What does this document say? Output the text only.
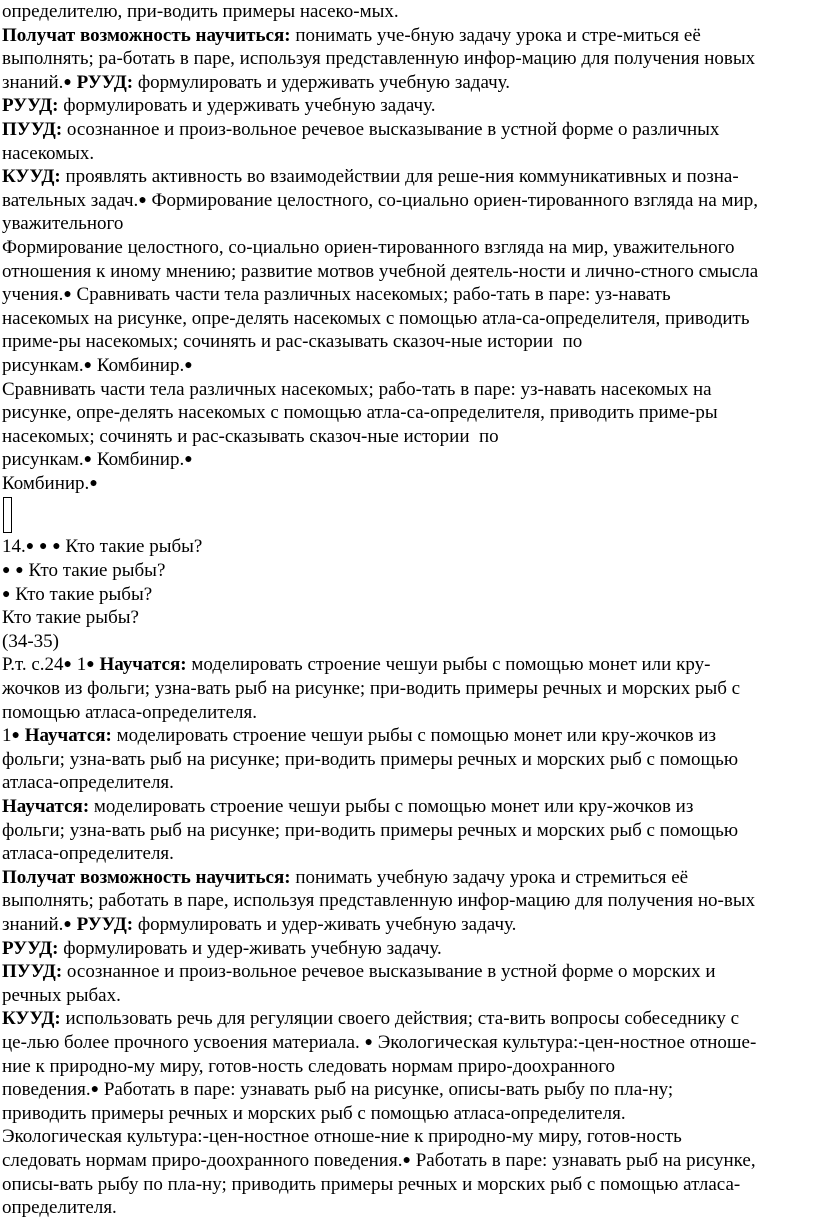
определителю, при-водить примеры насеко-мых.
Получат возможность научиться: понимать уче-бную задачу урока и стре-миться её
выполнять; ра-ботать в паре, используя представленную инфор-мацию для получения новых
знаний.● РУУД: формулировать и удерживать учебную задачу.
РУУД: формулировать и удерживать учебную задачу.
ПУУД: осознанное и произ-вольное речевое высказывание в устной форме о различных
насекомых.
КУУД: проявлять активность во взаимодействии для реше-ния коммуникативных и позна-
вательных задач.● Формирование целостного, со-циально ориен-тированного взгляда на мир,
уважительного
Формирование целостного, со-циально ориен-тированного взгляда на мир, уважительного
отношения к иному мнению; развитие мотвов учебной деятель-ности и лично-стного смысла
учения.● Сравнивать части тела различных насекомых; рабо-тать в паре: уз-навать
насекомых на рисунке, опре-делять насекомых с помощью атла-са-определителя, приводить
приме-ры насекомых; сочинять и рас-сказывать сказоч-ные истории  по
рисункам.● Комбинир.●
Сравнивать части тела различных насекомых; рабо-тать в паре: уз-навать насекомых на
рисунке, опре-делять насекомых с помощью атла-са-определителя, приводить приме-ры
насекомых; сочинять и рас-сказывать сказоч-ные истории  по
рисункам.● Комбинир.●
Комбинир.●
14.● ● ● Кто такие рыбы?
● ● Кто такие рыбы?
● Кто такие рыбы?
Кто такие рыбы?
(34-35)
Р.т. с.24● 1● Научатся: моделировать строение чешуи рыбы с помощью монет или кру-
жочков из фольги; узна-вать рыб на рисунке; при-водить примеры речных и морских рыб с
помощью атласа-определителя.
1● Научатся: моделировать строение чешуи рыбы с помощью монет или кру-жочков из
фольги; узна-вать рыб на рисунке; при-водить примеры речных и морских рыб с помощью
атласа-определителя.
Научатся: моделировать строение чешуи рыбы с помощью монет или кру-жочков из
фольги; узна-вать рыб на рисунке; при-водить примеры речных и морских рыб с помощью
атласа-определителя.
Получат возможность научиться: понимать учебную задачу урока и стремиться её
выполнять; работать в паре, используя представленную инфор-мацию для получения но-вых
знаний.● РУУД: формулировать и удер-живать учебную задачу.
РУУД: формулировать и удер-живать учебную задачу.
ПУУД: осознанное и произ-вольное речевое высказывание в устной форме о морских и
речных рыбах.
КУУД: использовать речь для регуляции своего действия; ста-вить вопросы собеседнику с
це-лью более прочного усвоения материала. ● Экологическая культура:-цен-ностное отноше-
ние к природно-му миру, готов-ность следовать нормам приро-доохранного
поведения.● Работать в паре: узнавать рыб на рисунке, описы-вать рыбу по пла-ну;
приводить примеры речных и морских рыб с помощью атласа-определителя.
Экологическая культура:-цен-ностное отноше-ние к природно-му миру, готов-ность
следовать нормам приро-доохранного поведения.● Работать в паре: узнавать рыб на рисунке,
описы-вать рыбу по пла-ну; приводить примеры речных и морских рыб с помощью атласа-
определителя.
